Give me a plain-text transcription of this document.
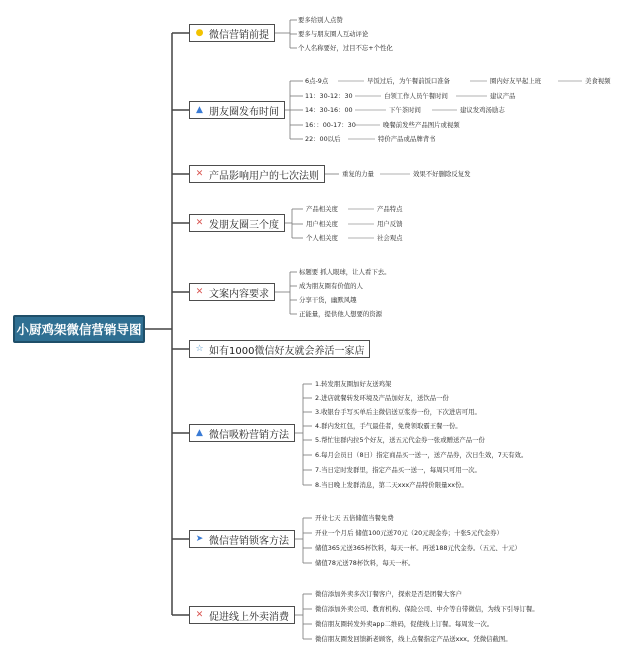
小厨鸡架微信营销导图
● 微信营销前提
要多给别人点赞
要多与朋友圈人互动评论
个人名称要好，过目不忘+个性化
▲ 朋友圈发布时间
6点-9点	早饭过后，为午餐前饭口准备	圈内好友早起上班	美食视频
11：30-12：30	白领工作人员午餐时间	建议产品
14：30-16：00	下午茶时间	建议发鸡汤励志
16：：00-17：30	晚餐前发些产品图片或视频
22：00以后	特价产品或品牌背书
✕ 产品影响用户的七次法则	重复的力量	效果不好删除反复发
✕ 发朋友圈三个度
产品相关度	产品特点
用户相关度	用户反馈
个人相关度	社会观点
✕ 文案内容要求
标题要 抓人眼球，让人看下去。
成为朋友圈有价值的人
分享干货，幽默风趣
正能量，提供他人想要的资源
☆ 如有1000微信好友就会养活一家店
▲ 微信吸粉营销方法
1.转发朋友圈加好友送鸡架
2.进店就餐转发环境及产品加好友，送饮品一份
3.收银台手写买单后主微信送豆浆券一份，下次进店可用。
4.群内发红包，手气最佳者，免费领取霸王餐一份。
5.帮忙往群内拉5个好友，送五元代金券一张或赠送产品一份
6.每月会员日（8日）指定商品买一送一，送产品券，次日生效，7天有效。
7.当日定时发群里，指定产品买一送一，每周只可用一次。
8.当日晚上发群消息，第二天xxx产品特价限量xx份。
➤ 微信营销锁客方法
开业七天 五倍储值当餐免费
开业一个月后 储值100元送70元（20元现金券；十张5元代金券）
储值365元送365杯饮料，每天一杯。再送188元代金券。（五元、十元）
储值78元送78杯饮料，每天一杯。
✕ 促进线上外卖消费
微信添加外卖多次订餐客户，探索是否是团餐大客户
微信添加外卖公司、教育机构、保险公司、中介等自带微信，为线下引导订餐。
微信朋友圈转发外卖app二维码，促使线上订餐。每周发一次。
微信朋友圈发回馈新老顾客，线上点餐指定产品送xxx。凭微信截图。
